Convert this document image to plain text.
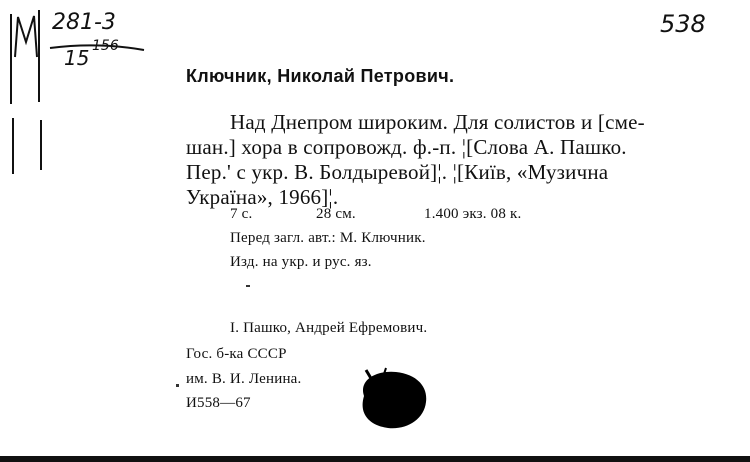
281-3
15 156
538
Ключник, Николай Петрович.
Над Днепром широким. Для солистов и [сме-
шан.] хора в сопровожд. ф.-п. ¦[Слова А. Пашко.
Пер.' с укр. В. Болдыревой]¦. ¦[Київ, «Музична
Україна», 1966]¦.
7 с.	28 см.	1.400 экз. 08 к.
Перед загл. авт.: М. Ключник.
Изд. на укр. и рус. яз.
I. Пашко, Андрей Ефремович.
Гос. б-ка СССР
им. В. И. Ленина.
И558—67
